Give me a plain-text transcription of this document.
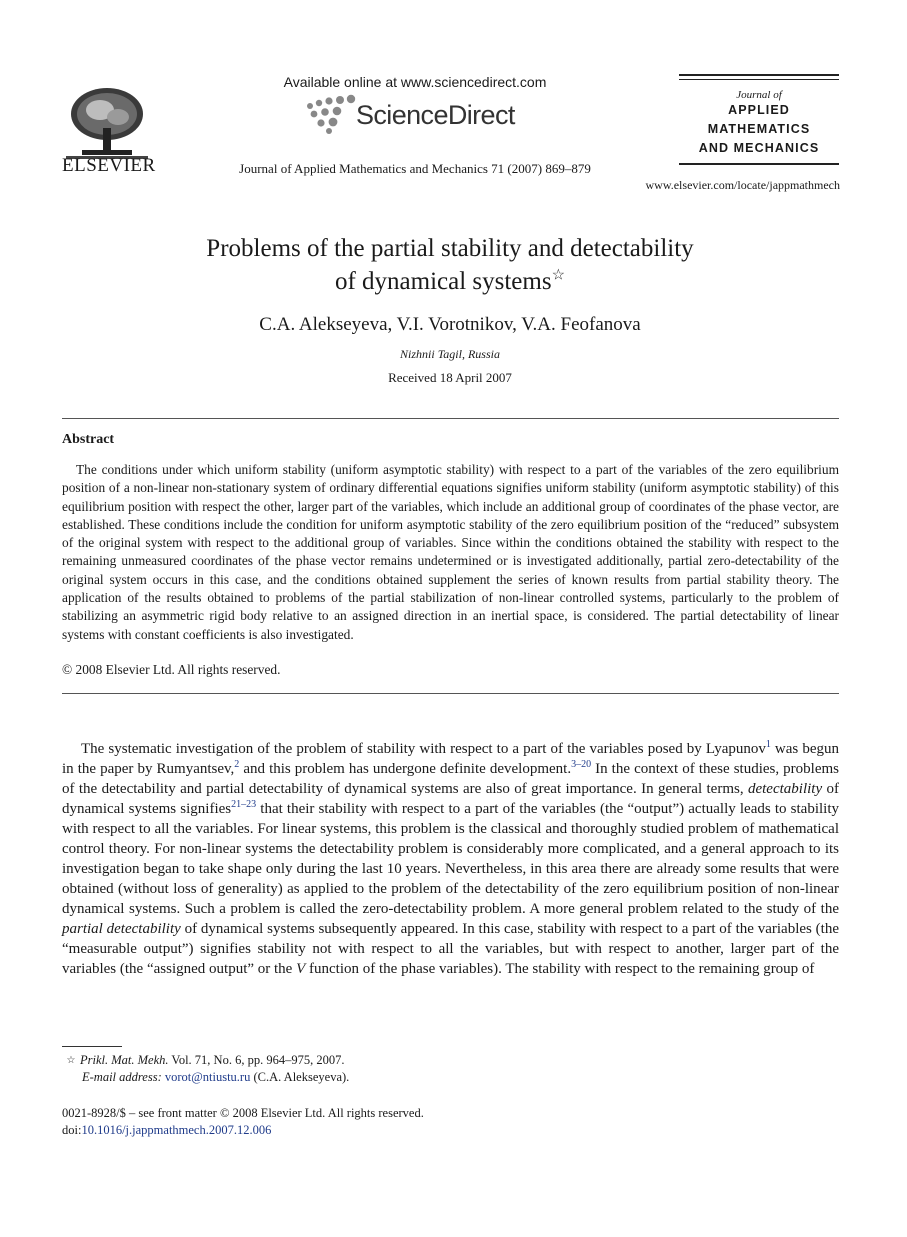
ELSEVIER
Available online at www.sciencedirect.com
ScienceDirect
Journal of Applied Mathematics and Mechanics 71 (2007) 869–879
Journal of
APPLIED
MATHEMATICS
AND MECHANICS
www.elsevier.com/locate/jappmathmech
Problems of the partial stability and detectability
of dynamical systems☆
C.A. Alekseyeva, V.I. Vorotnikov, V.A. Feofanova
Nizhnii Tagil, Russia
Received 18 April 2007
Abstract
The conditions under which uniform stability (uniform asymptotic stability) with respect to a part of the variables of the zero equilibrium position of a non-linear non-stationary system of ordinary differential equations signifies uniform stability (uniform asymptotic stability) of this equilibrium position with respect the other, larger part of the variables, which include an additional group of coordinates of the phase vector, are established. These conditions include the condition for uniform asymptotic stability of the zero equilibrium position of the “reduced” subsystem of the original system with respect to the additional group of variables. Since within the conditions obtained the stability with respect to the remaining unmeasured coordinates of the phase vector remains undetermined or is investigated additionally, partial zero-detectability of the original system occurs in this case, and the conditions obtained supplement the series of known results from partial stability theory. The application of the results obtained to problems of the partial stabilization of non-linear controlled systems, particularly to the problem of stabilizing an asymmetric rigid body relative to an assigned direction in an inertial space, is considered. The partial detectability of linear systems with constant coefficients is also investigated.
© 2008 Elsevier Ltd. All rights reserved.
The systematic investigation of the problem of stability with respect to a part of the variables posed by Lyapunov$^1$ was begun in the paper by Rumyantsev,$^2$ and this problem has undergone definite development.$^{3-20}$ In the context of these studies, problems of the detectability and partial detectability of dynamical systems are also of great importance. In general terms, detectability of dynamical systems signifies$^{21-23}$ that their stability with respect to a part of the variables (the “output”) actually leads to stability with respect to all the variables. For linear systems, this problem is the classical and thoroughly studied problem of mathematical control theory. For non-linear systems the detectability problem is considerably more complicated, and a general approach to its investigation began to take shape only during the last 10 years. Nevertheless, in this area there are already some results that were obtained (without loss of generality) as applied to the problem of the detectability of the zero equilibrium position of non-linear dynamical systems. Such a problem is called the zero-detectability problem. A more general problem related to the study of the partial detectability of dynamical systems subsequently appeared. In this case, stability with respect to a part of the variables (the “measurable output”) signifies stability not with respect to all the variables, but with respect to another, larger part of the variables (the “assigned output” or the V function of the phase variables). The stability with respect to the remaining group of
☆ Prikl. Mat. Mekh. Vol. 71, No. 6, pp. 964–975, 2007.
E-mail address: vorot@ntiustu.ru (C.A. Alekseyeva).
0021-8928/$ – see front matter © 2008 Elsevier Ltd. All rights reserved.
doi:10.1016/j.jappmathmech.2007.12.006
